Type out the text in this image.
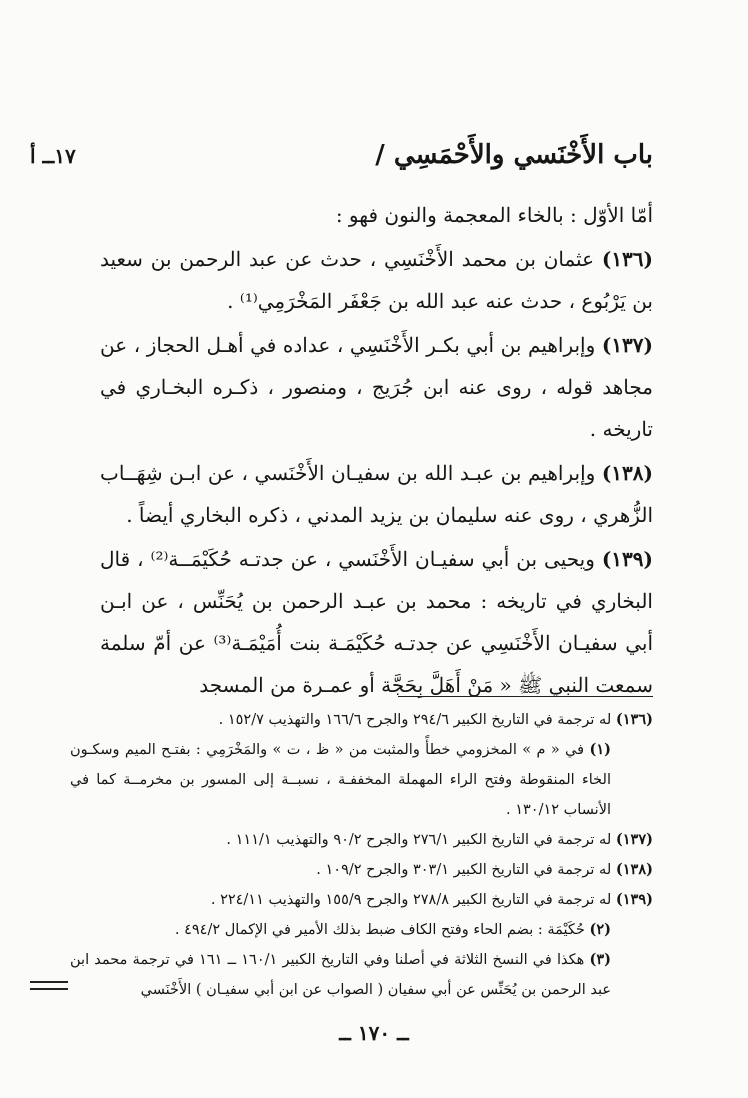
باب الأَخْنَسي والأَحْمَسِي /
١٧ــ أ

أمّا الأوّل : بالخاء المعجمة والنون فهو :

(١٣٦) عثمان بن محمد الأَخْنَسِي ، حدث عن عبد الرحمن بن سعيد بن يَرْبُوع ، حدث عنه عبد الله بن جَعْفَر المَخْرَمِي⁽¹⁾ .
(١٣٧) وإبراهيم بن أبي بكـر الأَخْنَسِي ، عداده في أهـل الحجاز ، عن مجاهد قوله ، روى عنه ابن جُرَيج ، ومنصور ، ذكـره البخـاري في تاريخه .
(١٣٨) وإبراهيم بن عبـد الله بن سفيـان الأَخْنَسي ، عن ابـن شِهَــاب الزُّهري ، روى عنه سليمان بن يزيد المدني ، ذكره البخاري أيضاً .
(١٣٩) ويحيى بن أبي سفيـان الأَخْنَسي ، عن جدتـه حُكَيْمَــة⁽²⁾ ، قال البخاري في تاريخه : محمد بن عبـد الرحمن بن يُحَنِّس ، عن ابـن أبي سفيـان الأَخْنَسِي عن جدتـه حُكَيْمَـة بنت أُمَيْمَـة⁽³⁾ عن أمّ سلمة سمعت النبي ﷺ « مَنْ أَهَلَّ بِحَجَّة أو عمـرة من المسجد
(١٣٦) له ترجمة في التاريخ الكبير ٢٩٤/٦ والجرح ١٦٦/٦ والتهذيب ١٥٢/٧ .
(١) في « م » المخزومي خطأً والمثبت من « ظ ، ت » والمَخْرَمِي : بفتـح الميم وسكـون الخاء المنقوطة وفتح الراء المهملة المخففـة ، نسبــة إلى المسور بن مخرمــة كما في الأنساب ١٣٠/١٢ .
(١٣٧) له ترجمة في التاريخ الكبير ٢٧٦/١ والجرح ٩٠/٢ والتهذيب ١١١/١ .
(١٣٨) له ترجمة في التاريخ الكبير ٣٠٣/١ والجرح ١٠٩/٢ .
(١٣٩) له ترجمة في التاريخ الكبير ٢٧٨/٨ والجرح ١٥٥/٩ والتهذيب ٢٢٤/١١ .
(٢) حُكَيْمَة : بضم الحاء وفتح الكاف ضبط بذلك الأمير في الإكمال ٤٩٤/٢ .
(٣) هكذا في النسخ الثلاثة في أصلنا وفي التاريخ الكبير ١٦٠/١ ــ ١٦١ في ترجمة محمد ابن عبد الرحمن بن يُحَنِّس عن أبي سفيان ( الصواب عن ابن أبي سفيـان ) الأَخْنَسي
ــ ١٧٠ ــ
